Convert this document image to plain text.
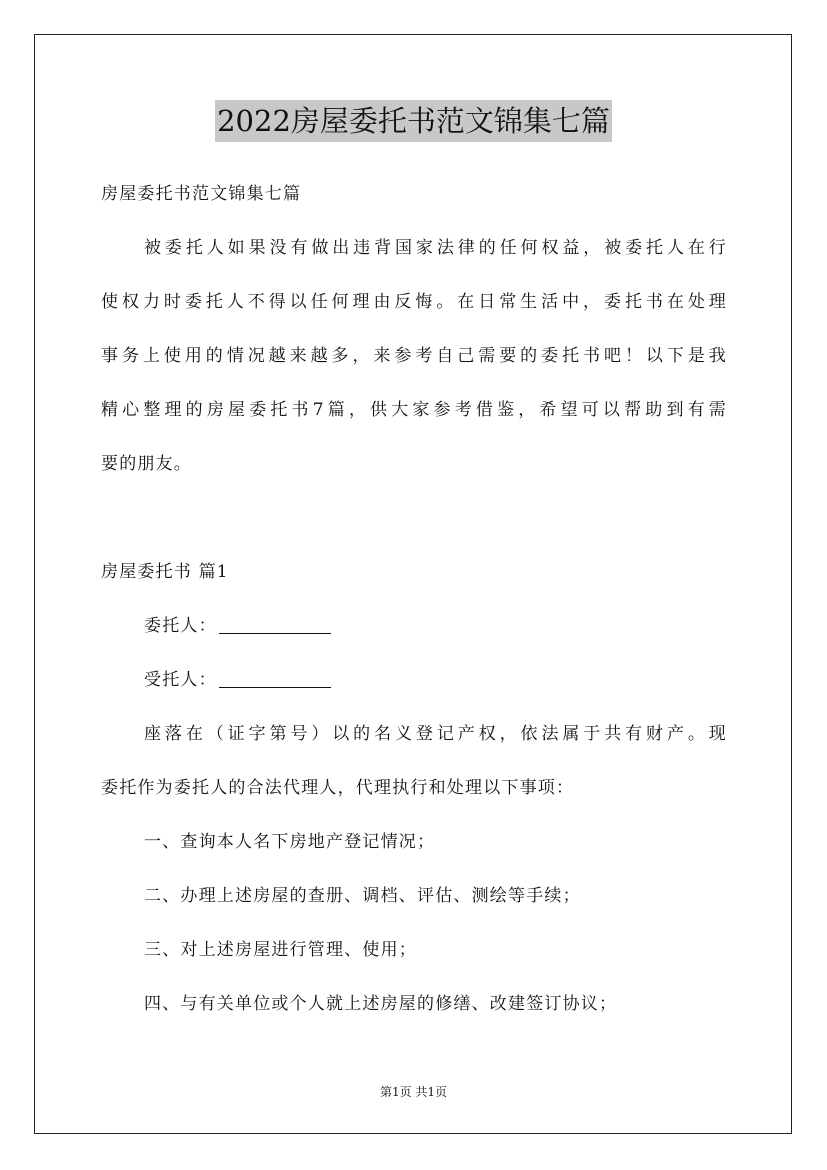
2022房屋委托书范文锦集七篇
房屋委托书范文锦集七篇
被委托人如果没有做出违背国家法律的任何权益，被委托人在行
使权力时委托人不得以任何理由反悔。在日常生活中，委托书在处理
事务上使用的情况越来越多，来参考自己需要的委托书吧！以下是我
精心整理的房屋委托书7篇，供大家参考借鉴，希望可以帮助到有需
要的朋友。
房屋委托书 篇1
委托人：
受托人：
座落在（证字第号）以的名义登记产权，依法属于共有财产。现
委托作为委托人的合法代理人，代理执行和处理以下事项：
一、查询本人名下房地产登记情况；
二、办理上述房屋的查册、调档、评估、测绘等手续；
三、对上述房屋进行管理、使用；
四、与有关单位或个人就上述房屋的修缮、改建签订协议；
第1页 共1页
